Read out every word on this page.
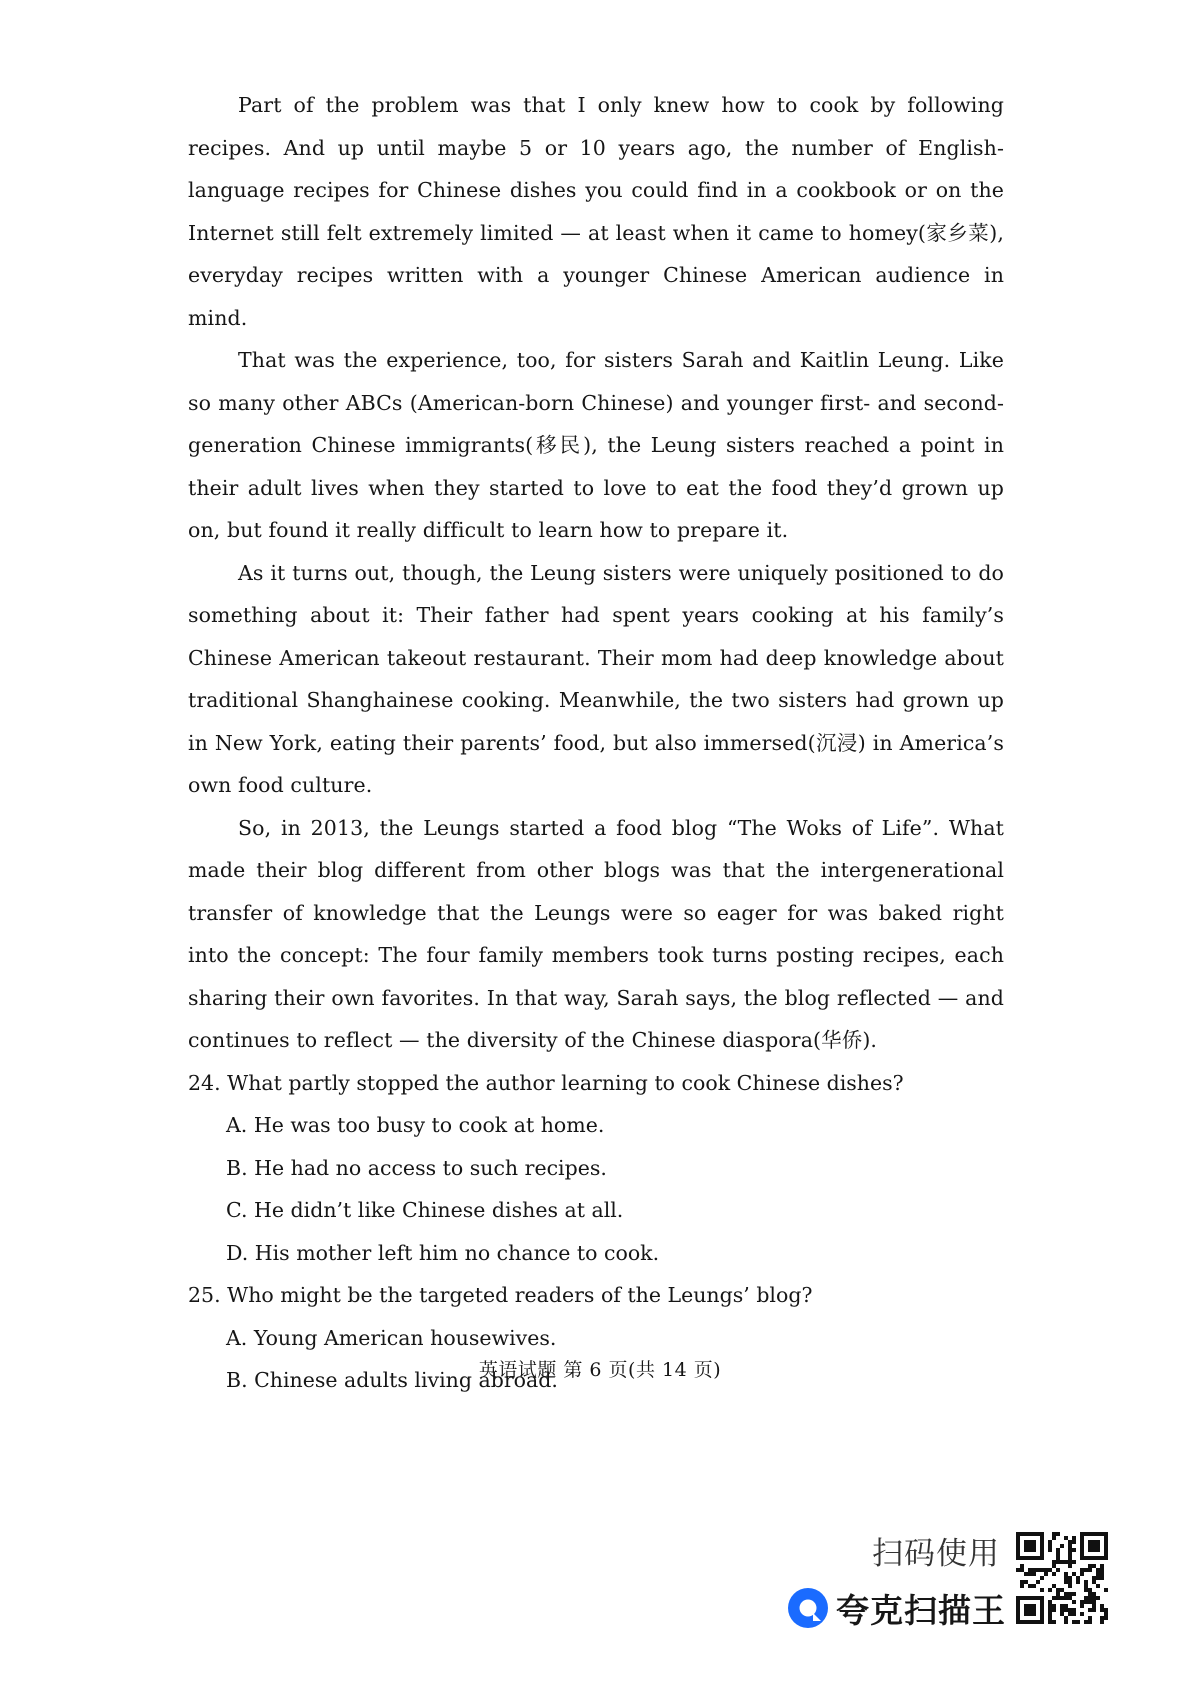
Part of the problem was that I only knew how to cook by following recipes. And up until maybe 5 or 10 years ago, the number of English-language recipes for Chinese dishes you could find in a cookbook or on the Internet still felt extremely limited — at least when it came to homey(家乡菜), everyday recipes written with a younger Chinese American audience in mind.

That was the experience, too, for sisters Sarah and Kaitlin Leung. Like so many other ABCs (American-born Chinese) and younger first- and second-generation Chinese immigrants(移民), the Leung sisters reached a point in their adult lives when they started to love to eat the food they’d grown up on, but found it really difficult to learn how to prepare it.

As it turns out, though, the Leung sisters were uniquely positioned to do something about it: Their father had spent years cooking at his family’s Chinese American takeout restaurant. Their mom had deep knowledge about traditional Shanghainese cooking. Meanwhile, the two sisters had grown up in New York, eating their parents’ food, but also immersed(沉浸) in America’s own food culture.

So, in 2013, the Leungs started a food blog “The Woks of Life”. What made their blog different from other blogs was that the intergenerational transfer of knowledge that the Leungs were so eager for was baked right into the concept: The four family members took turns posting recipes, each sharing their own favorites. In that way, Sarah says, the blog reflected — and continues to reflect — the diversity of the Chinese diaspora(华侨).

24. What partly stopped the author learning to cook Chinese dishes?

A. He was too busy to cook at home.

B. He had no access to such recipes.

C. He didn’t like Chinese dishes at all.

D. His mother left him no chance to cook.

25. Who might be the targeted readers of the Leungs’ blog?

A. Young American housewives.

B. Chinese adults living abroad.

英语试题 第 6 页(共 14 页)
扫码使用
夸克扫描王
